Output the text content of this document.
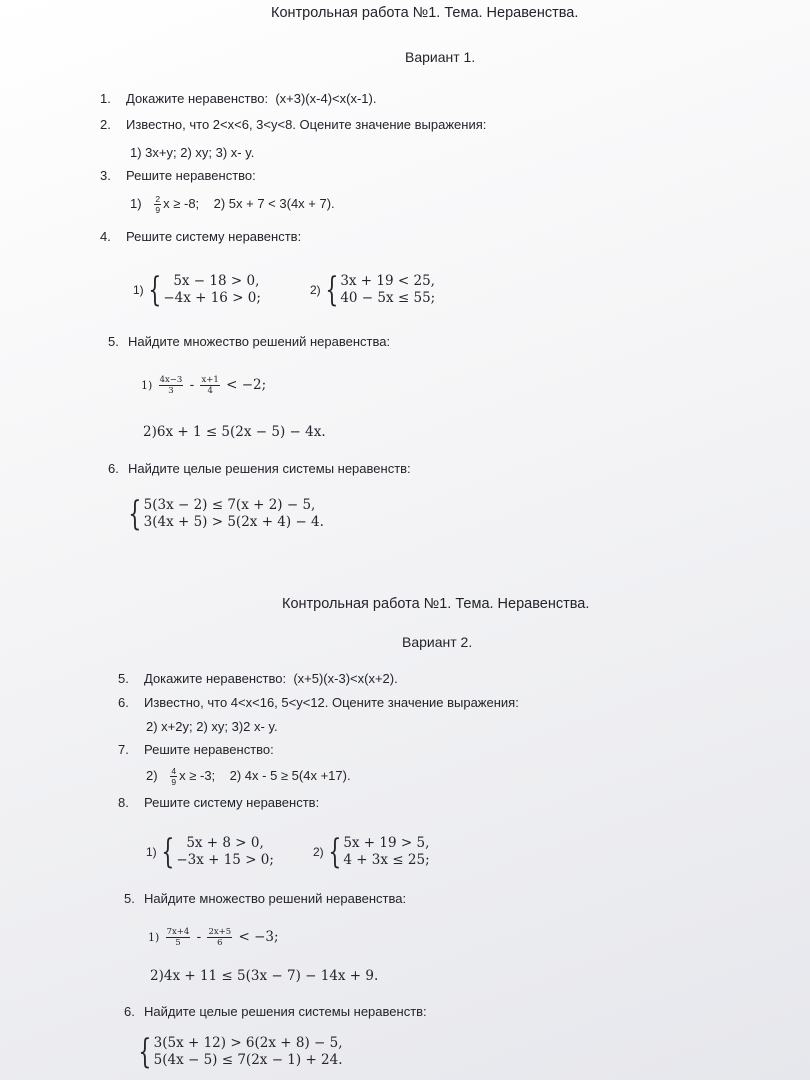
Контрольная работа №1. Тема. Неравенства.
Вариант 1.
1. Докажите неравенство: (x+3)(x-4)<x(x-1).
2. Известно, что 2<x<6, 3<y<8. Оцените значение выражения:
1) 3x+y; 2) xy; 3) x- y.
3. Решите неравенство:
$1) \frac{2}{9}$ x ≥ -8; 2) 5x + 7 < 3(4x + 7).
4. Решите систему неравенств:
1) { 5x − 18 > 0,
−4x + 16 > 0;	2) { 3x + 19 < 25,
40 − 5x ≤ 55;
5. Найдите множество решений неравенства:
$1) \frac{4x-3}{3} - \frac{x+1}{4} < -2$;
2)6x + 1 ≤ 5(2x − 5) − 4x.
6. Найдите целые решения системы неравенств:
{ 5(3x − 2) ≤ 7(x + 2) − 5,
3(4x + 5) > 5(2x + 4) − 4.
Контрольная работа №1. Тема. Неравенства.
Вариант 2.
5. Докажите неравенство: (x+5)(x-3)<x(x+2).
6. Известно, что 4<x<16, 5<y<12. Оцените значение выражения:
2) x+2y; 2) xy; 3)2 x- y.
7. Решите неравенство:
$2) \frac{4}{9}$ x ≥ -3; 2) 4x - 5 ≥ 5(4x +17).
8. Решите систему неравенств:
1) { 5x + 8 > 0,
−3x + 15 > 0;	2) { 5x + 19 > 5,
4 + 3x ≤ 25;
5. Найдите множество решений неравенства:
$1) \frac{7x+4}{5} - \frac{2x+5}{6} < -3$;
2)4x + 11 ≤ 5(3x − 7) − 14x + 9.
6. Найдите целые решения системы неравенств:
{ 3(5x + 12) > 6(2x + 8) − 5,
5(4x − 5) ≤ 7(2x − 1) + 24.
